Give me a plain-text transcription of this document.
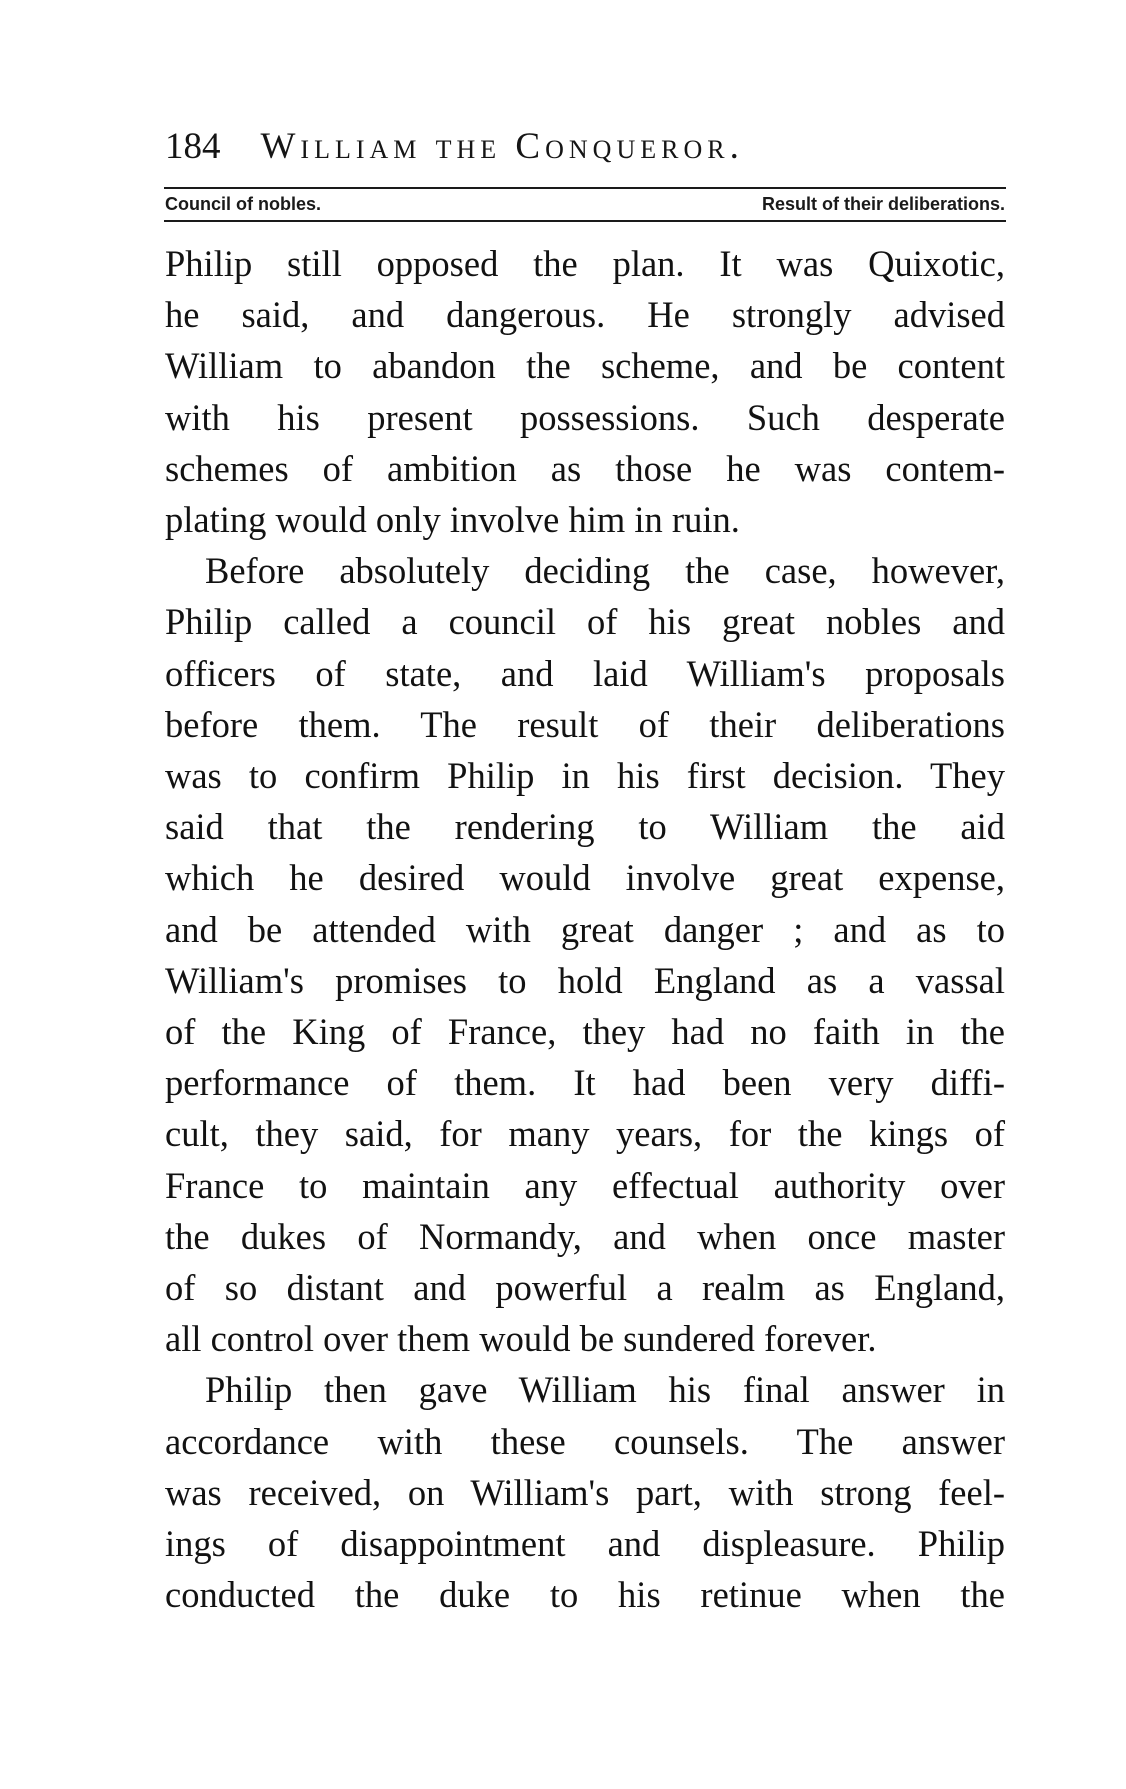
184 William the Conqueror.
Council of nobles.	Result of their deliberations.

Philip still opposed the plan. It was Quixotic,
he said, and dangerous. He strongly advised
William to abandon the scheme, and be content
with his present possessions. Such desperate
schemes of ambition as those he was contem-
plating would only involve him in ruin.

Before absolutely deciding the case, however,
Philip called a council of his great nobles and
officers of state, and laid William's proposals
before them. The result of their deliberations
was to confirm Philip in his first decision. They
said that the rendering to William the aid
which he desired would involve great expense,
and be attended with great danger ; and as to
William's promises to hold England as a vassal
of the King of France, they had no faith in the
performance of them. It had been very diffi-
cult, they said, for many years, for the kings of
France to maintain any effectual authority over
the dukes of Normandy, and when once master
of so distant and powerful a realm as England,
all control over them would be sundered forever.

Philip then gave William his final answer in
accordance with these counsels. The answer
was received, on William's part, with strong feel-
ings of disappointment and displeasure. Philip
conducted the duke to his retinue when the
